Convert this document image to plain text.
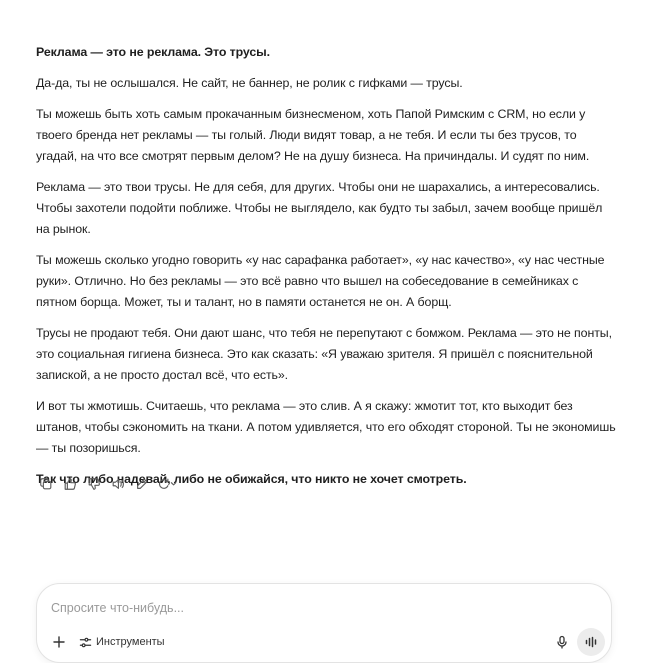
Реклама — это не реклама. Это трусы.

Да-да, ты не ослышался. Не сайт, не баннер, не ролик с гифками — трусы.

Ты можешь быть хоть самым прокачанным бизнесменом, хоть Папой Римским с CRM, но если у твоего бренда нет рекламы — ты голый. Люди видят товар, а не тебя. И если ты без трусов, то угадай, на что все смотрят первым делом? Не на душу бизнеса. На причиндалы. И судят по ним.

Реклама — это твои трусы. Не для себя, для других. Чтобы они не шарахались, а интересовались. Чтобы захотели подойти поближе. Чтобы не выглядело, как будто ты забыл, зачем вообще пришёл на рынок.

Ты можешь сколько угодно говорить «у нас сарафанка работает», «у нас качество», «у нас честные руки». Отлично. Но без рекламы — это всё равно что вышел на собеседование в семейниках с пятном борща. Может, ты и талант, но в памяти останется не он. А борщ.

Трусы не продают тебя. Они дают шанс, что тебя не перепутают с бомжом. Реклама — это не понты, это социальная гигиена бизнеса. Это как сказать: «Я уважаю зрителя. Я пришёл с пояснительной запиской, а не просто достал всё, что есть».

И вот ты жмотишь. Считаешь, что реклама — это слив. А я скажу: жмотит тот, кто выходит без штанов, чтобы сэкономить на ткани. А потом удивляется, что его обходят стороной. Ты не экономишь — ты позоришься.

Так что либо надевай, либо не обижайся, что никто не хочет смотреть.

Спросите что-нибудь...
Инструменты
